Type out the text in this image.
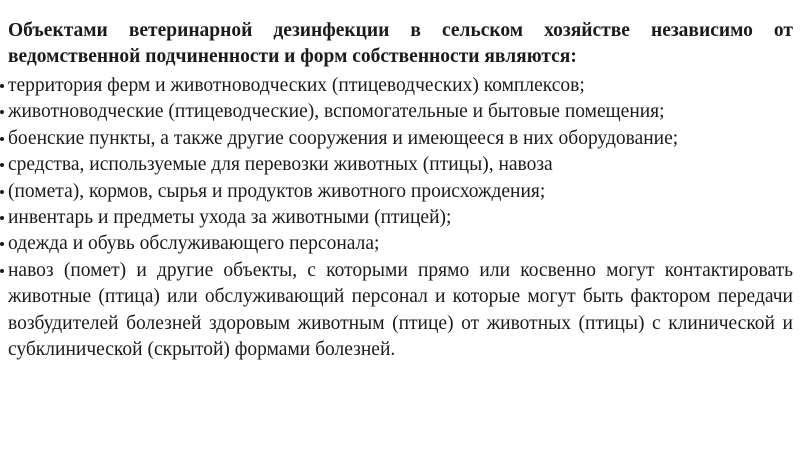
Объектами ветеринарной дезинфекции в сельском хозяйстве независимо от ведомственной подчиненности и форм собственности являются:

территория ферм и животноводческих (птицеводческих) комплексов;
животноводческие (птицеводческие), вспомогательные и бытовые помещения;
боенские пункты, а также другие сооружения и имеющееся в них оборудование;
средства, используемые для перевозки животных (птицы), навоза
(помета), кормов, сырья и продуктов животного происхождения;
инвентарь и предметы ухода за животными (птицей);
одежда и обувь обслуживающего персонала;
навоз (помет) и другие объекты, с которыми прямо или косвенно могут контактировать животные (птица) или обслуживающий персонал и которые могут быть фактором передачи возбудителей болезней здоровым животным (птице) от животных (птицы) с клинической и субклинической (скрытой) формами болезней.
